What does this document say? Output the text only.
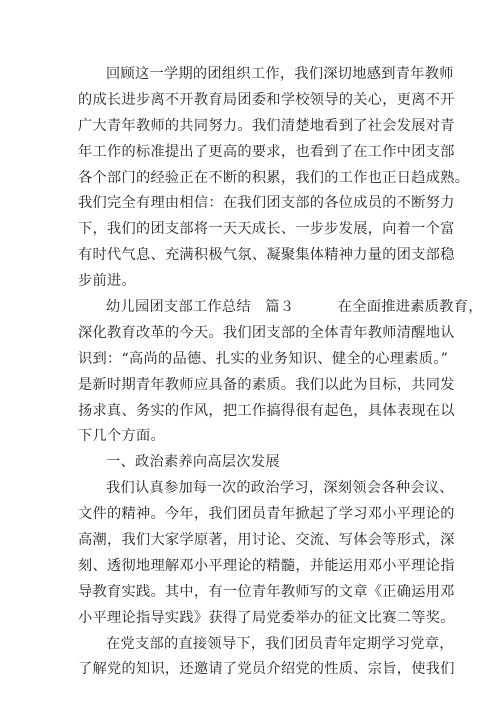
回顾这一学期的团组织工作，我们深切地感到青年教师
的成长进步离不开教育局团委和学校领导的关心，更离不开
广大青年教师的共同努力。我们清楚地看到了社会发展对青
年工作的标准提出了更高的要求，也看到了在工作中团支部
各个部门的经验正在不断的积累，我们的工作也正日趋成熟。
我们完全有理由相信：在我们团支部的各位成员的不断努力
下，我们的团支部将一天天成长、一步步发展，向着一个富
有时代气息、充满积极气氛、凝聚集体精神力量的团支部稳
步前进。
幼儿园团支部工作总结　篇３　　　在全面推进素质教育，
深化教育改革的今天。我们团支部的全体青年教师清醒地认
识到：“高尚的品德、扎实的业务知识、健全的心理素质。”
是新时期青年教师应具备的素质。我们以此为目标，共同发
扬求真、务实的作风，把工作搞得很有起色，具体表现在以
下几个方面。
一、政治素养向高层次发展
我们认真参加每一次的政治学习，深刻领会各种会议、
文件的精神。今年，我们团员青年掀起了学习邓小平理论的
高潮，我们大家学原著，用讨论、交流、写体会等形式，深
刻、透彻地理解邓小平理论的精髓，并能运用邓小平理论指
导教育实践。其中，有一位青年教师写的文章《正确运用邓
小平理论指导实践》获得了局党委举办的征文比赛二等奖。
在党支部的直接领导下，我们团员青年定期学习党章，
了解党的知识，还邀请了党员介绍党的性质、宗旨，使我们
